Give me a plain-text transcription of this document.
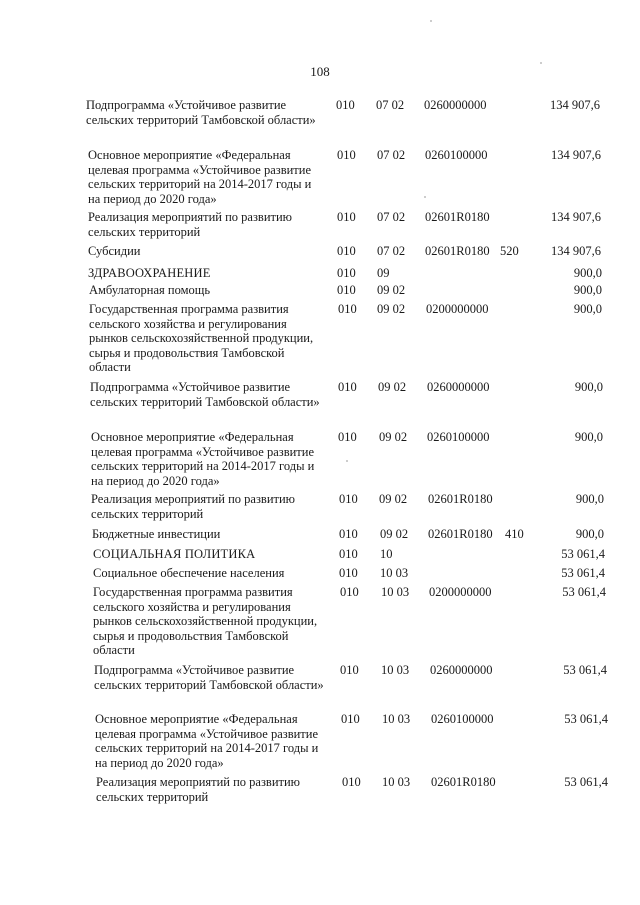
108
Подпрограмма «Устойчивое развитие сельских территорий Тамбовской области»
010 07 02 0260000000	134 907,6
Основное мероприятие «Федеральная целевая программа «Устойчивое развитие сельских территорий на 2014-2017 годы и на период до 2020 года»
010 07 02 0260100000	134 907,6
Реализация мероприятий по развитию сельских территорий
010 07 02 02601R0180	134 907,6
Субсидии	010 07 02 02601R0180 520	134 907,6
ЗДРАВООХРАНЕНИЕ	010 09	900,0
Амбулаторная помощь	010 09 02	900,0
Государственная программа развития сельского хозяйства и регулирования рынков сельскохозяйственной продукции, сырья и продовольствия Тамбовской области
010 09 02 0200000000	900,0
Подпрограмма «Устойчивое развитие сельских территорий Тамбовской области»
010 09 02 0260000000	900,0
Основное мероприятие «Федеральная целевая программа «Устойчивое развитие сельских территорий на 2014-2017 годы и на период до 2020 года»
010 09 02 0260100000	900,0
Реализация мероприятий по развитию сельских территорий
010 09 02 02601R0180	900,0
Бюджетные инвестиции	010 09 02 02601R0180 410	900,0
СОЦИАЛЬНАЯ ПОЛИТИКА	010 10	53 061,4
Социальное обеспечение населения	010 10 03	53 061,4
Государственная программа развития сельского хозяйства и регулирования рынков сельскохозяйственной продукции, сырья и продовольствия Тамбовской области
010 10 03 0200000000	53 061,4
Подпрограмма «Устойчивое развитие сельских территорий Тамбовской области»
010 10 03 0260000000	53 061,4
Основное мероприятие «Федеральная целевая программа «Устойчивое развитие сельских территорий на 2014-2017 годы и на период до 2020 года»
010 10 03 0260100000	53 061,4
Реализация мероприятий по развитию сельских территорий
010 10 03 02601R0180	53 061,4
